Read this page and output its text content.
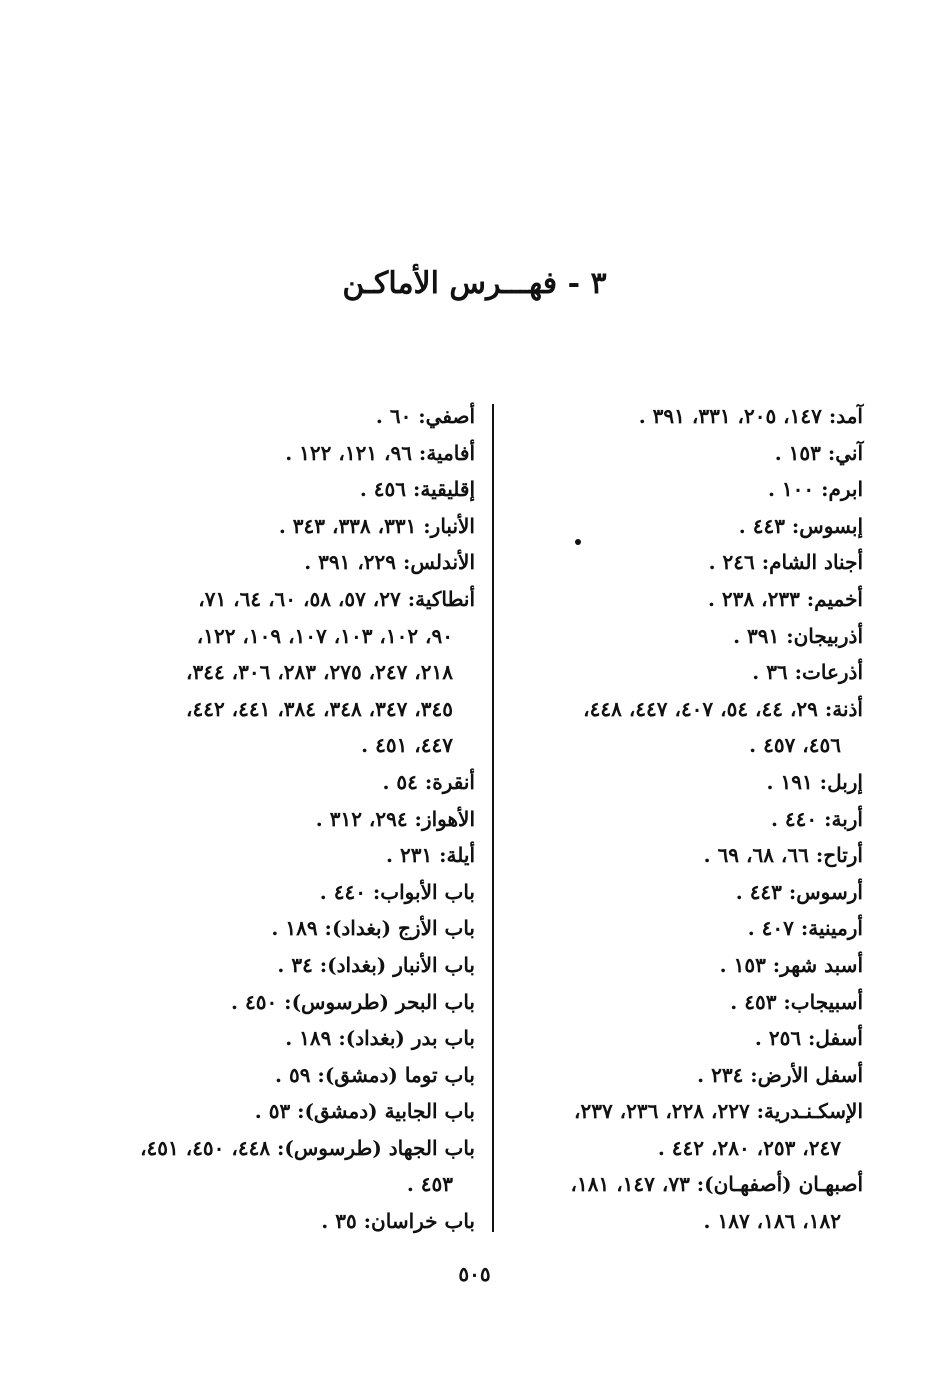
٣ - فهـــرس الأماكـن
آمد: ١٤٧، ٢٠٥، ٣٣١، ٣٩١ .
آني: ١٥٣ .
ابرم: ١٠٠ .
إبسوس: ٤٤٣ .
أجناد الشام: ٢٤٦ .
أخميم: ٢٣٣، ٢٣٨ .
أذربيجان: ٣٩١ .
أذرعات: ٣٦ .
أذنة: ٢٩، ٤٤، ٥٤، ٤٠٧، ٤٤٧، ٤٤٨،
٤٥٦، ٤٥٧ .
إربل: ١٩١ .
أربة: ٤٤٠ .
أرتاح: ٦٦، ٦٨، ٦٩ .
أرسوس: ٤٤٣ .
أرمينية: ٤٠٧ .
أسبد شهر: ١٥٣ .
أسبيجاب: ٤٥٣ .
أسفل: ٢٥٦ .
أسفل الأرض: ٢٣٤ .
الإسكـنـدرية: ٢٢٧، ٢٢٨، ٢٣٦، ٢٣٧،
٢٤٧، ٢٥٣، ٢٨٠، ٤٤٢ .
أصبهـان (أصفهـان): ٧٣، ١٤٧، ١٨١،
١٨٢، ١٨٦، ١٨٧ .
أصفي: ٦٠ .
أفامية: ٩٦، ١٢١، ١٢٢ .
إقليقية: ٤٥٦ .
الأنبار: ٣٣١، ٣٣٨، ٣٤٣ .
الأندلس: ٢٢٩، ٣٩١ .
أنطاكية: ٢٧، ٥٧، ٥٨، ٦٠، ٦٤، ٧١،
٩٠، ١٠٢، ١٠٣، ١٠٧، ١٠٩، ١٢٢،
٢١٨، ٢٤٧، ٢٧٥، ٢٨٣، ٣٠٦، ٣٤٤،
٣٤٥، ٣٤٧، ٣٤٨، ٣٨٤، ٤٤١، ٤٤٢،
٤٤٧، ٤٥١ .
أنقرة: ٥٤ .
الأهواز: ٢٩٤، ٣١٢ .
أيلة: ٢٣١ .
باب الأبواب: ٤٤٠ .
باب الأزج (بغداد): ١٨٩ .
باب الأنبار (بغداد): ٣٤ .
باب البحر (طرسوس): ٤٥٠ .
باب بدر (بغداد): ١٨٩ .
باب توما (دمشق): ٥٩ .
باب الجابية (دمشق): ٥٣ .
باب الجهاد (طرسوس): ٤٤٨، ٤٥٠، ٤٥١،
٤٥٣ .
باب خراسان: ٣٥ .
٥٠٥
